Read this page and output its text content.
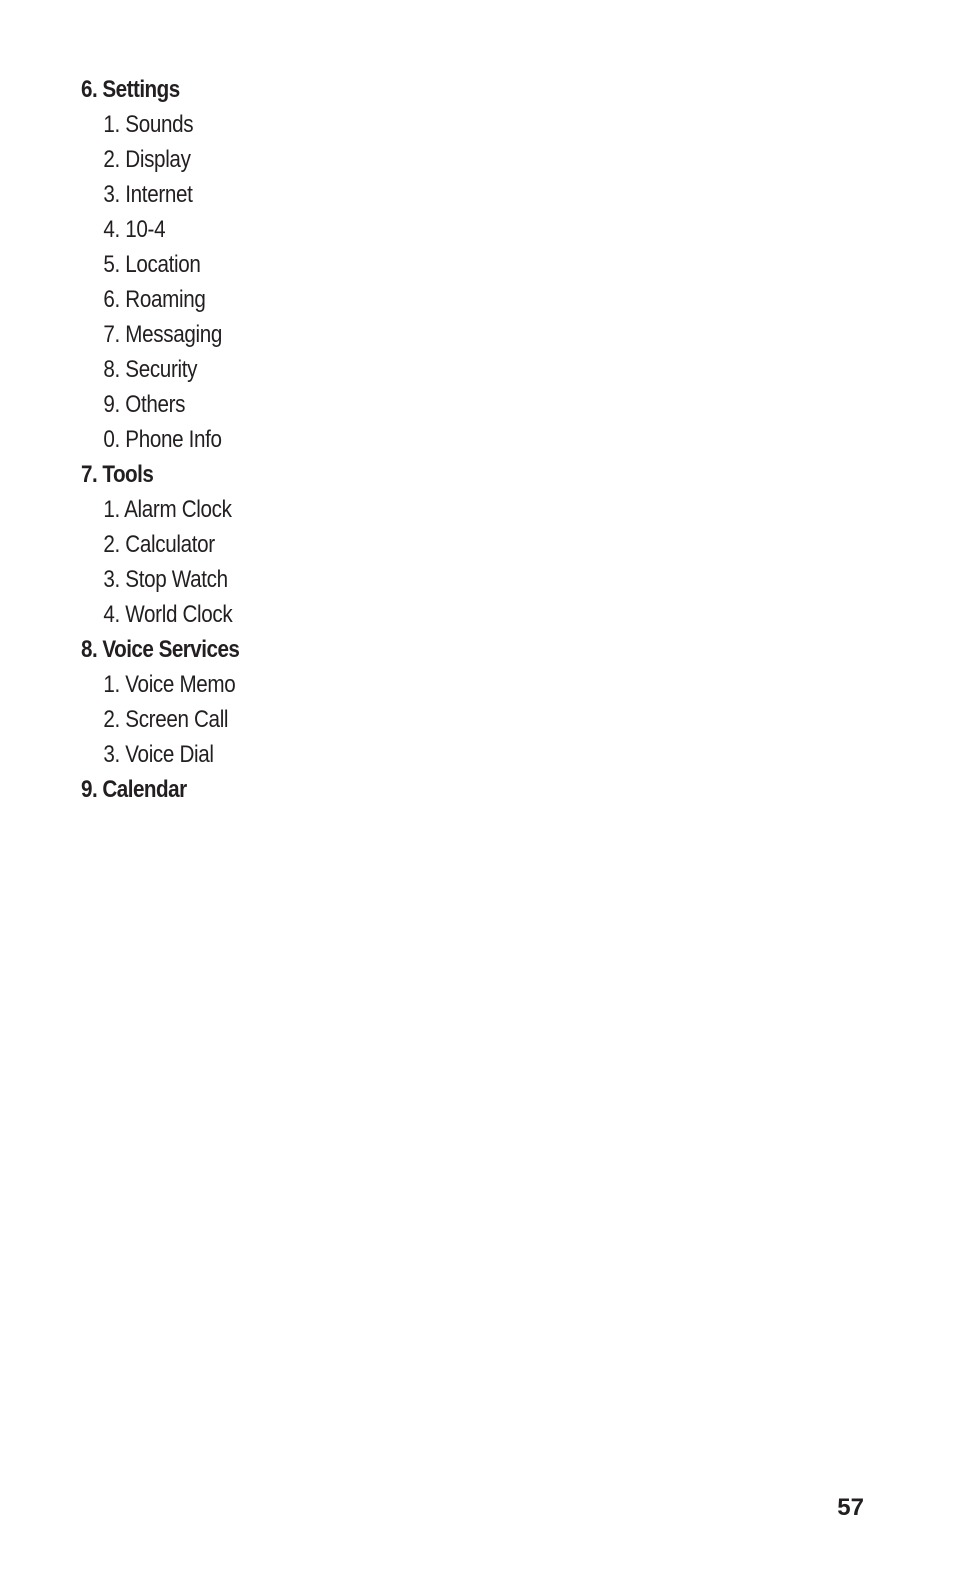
6. Settings
1. Sounds
2. Display
3. Internet
4. 10-4
5. Location
6. Roaming
7. Messaging
8. Security
9. Others
0. Phone Info
7. Tools
1. Alarm Clock
2. Calculator
3. Stop Watch
4. World Clock
8. Voice Services
1. Voice Memo
2. Screen Call
3. Voice Dial
9. Calendar
57
